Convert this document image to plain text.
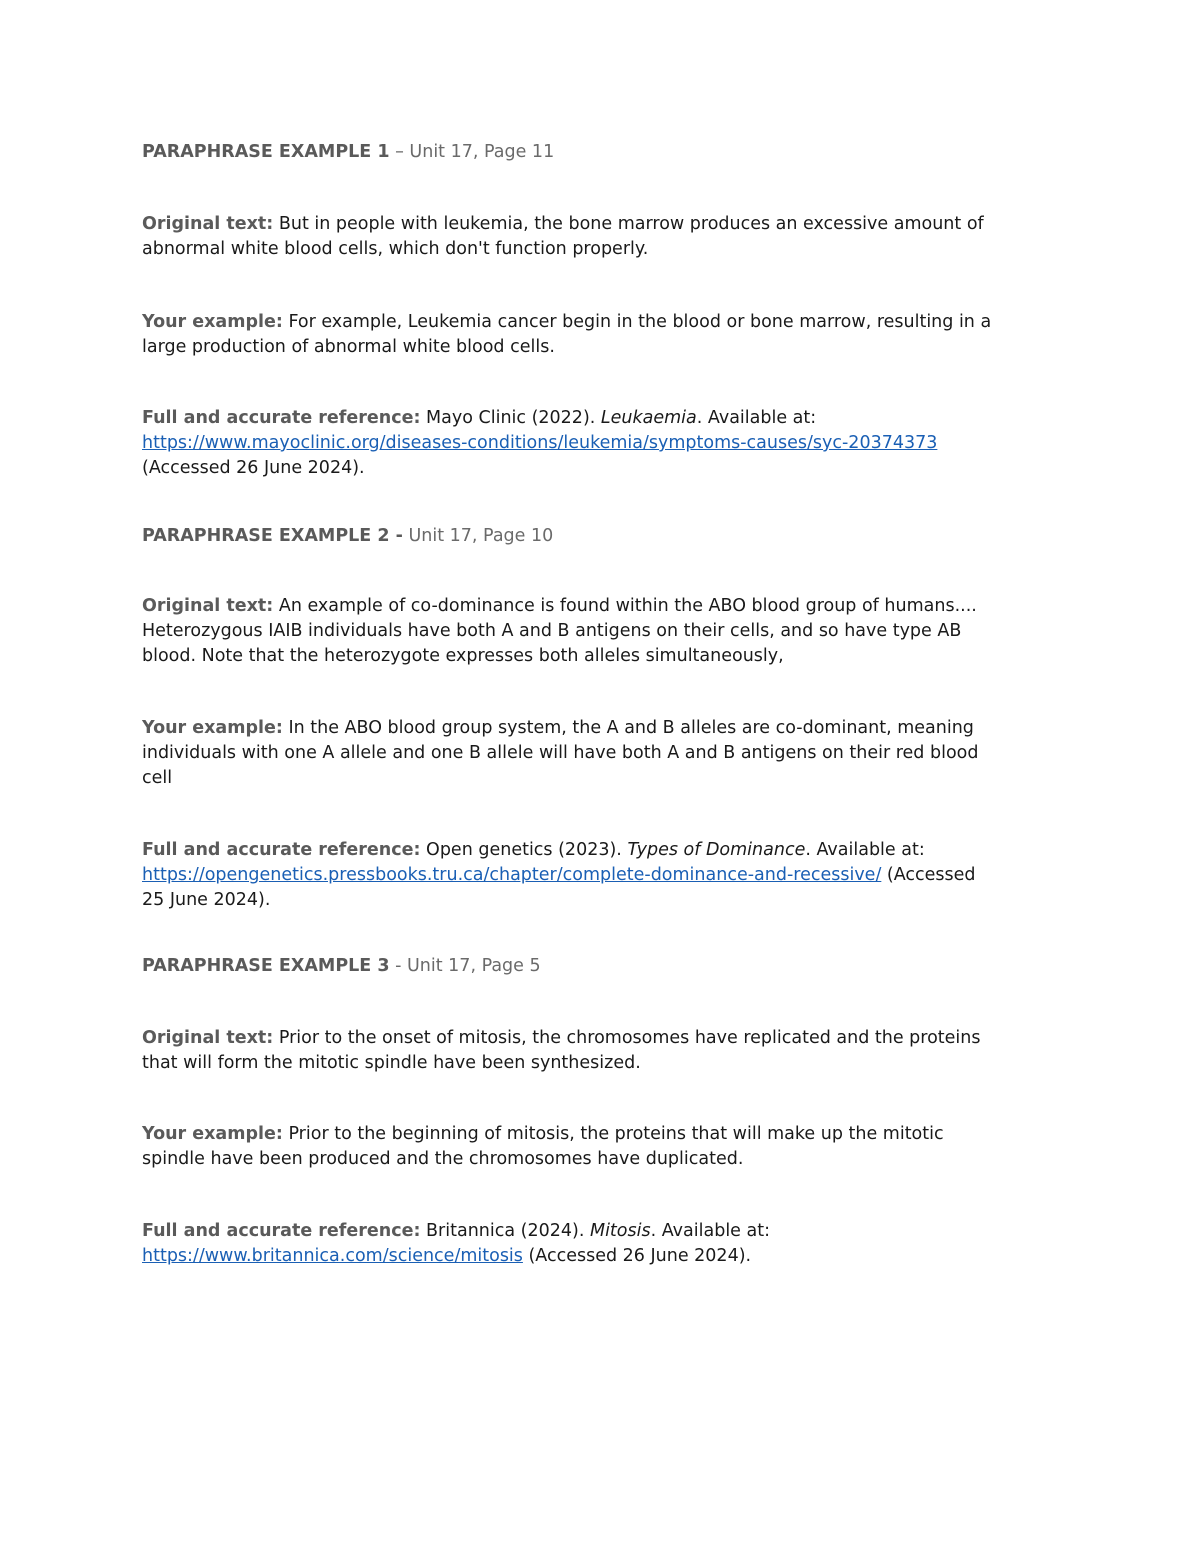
PARAPHRASE EXAMPLE 1 – Unit 17, Page 11
Original text: But in people with leukemia, the bone marrow produces an excessive amount of
abnormal white blood cells, which don't function properly.
Your example: For example, Leukemia cancer begin in the blood or bone marrow, resulting in a
large production of abnormal white blood cells.
Full and accurate reference: Mayo Clinic (2022). Leukaemia. Available at:
https://www.mayoclinic.org/diseases-conditions/leukemia/symptoms-causes/syc-20374373
(Accessed 26 June 2024).
PARAPHRASE EXAMPLE 2 - Unit 17, Page 10
Original text: An example of co-dominance is found within the ABO blood group of humans....
Heterozygous IAIB individuals have both A and B antigens on their cells, and so have type AB
blood. Note that the heterozygote expresses both alleles simultaneously,
Your example: In the ABO blood group system, the A and B alleles are co-dominant, meaning
individuals with one A allele and one B allele will have both A and B antigens on their red blood
cell
Full and accurate reference: Open genetics (2023). Types of Dominance. Available at:
https://opengenetics.pressbooks.tru.ca/chapter/complete-dominance-and-recessive/ (Accessed
25 June 2024).
PARAPHRASE EXAMPLE 3 - Unit 17, Page 5
Original text: Prior to the onset of mitosis, the chromosomes have replicated and the proteins
that will form the mitotic spindle have been synthesized.
Your example: Prior to the beginning of mitosis, the proteins that will make up the mitotic
spindle have been produced and the chromosomes have duplicated.
Full and accurate reference: Britannica (2024). Mitosis. Available at:
https://www.britannica.com/science/mitosis (Accessed 26 June 2024).
